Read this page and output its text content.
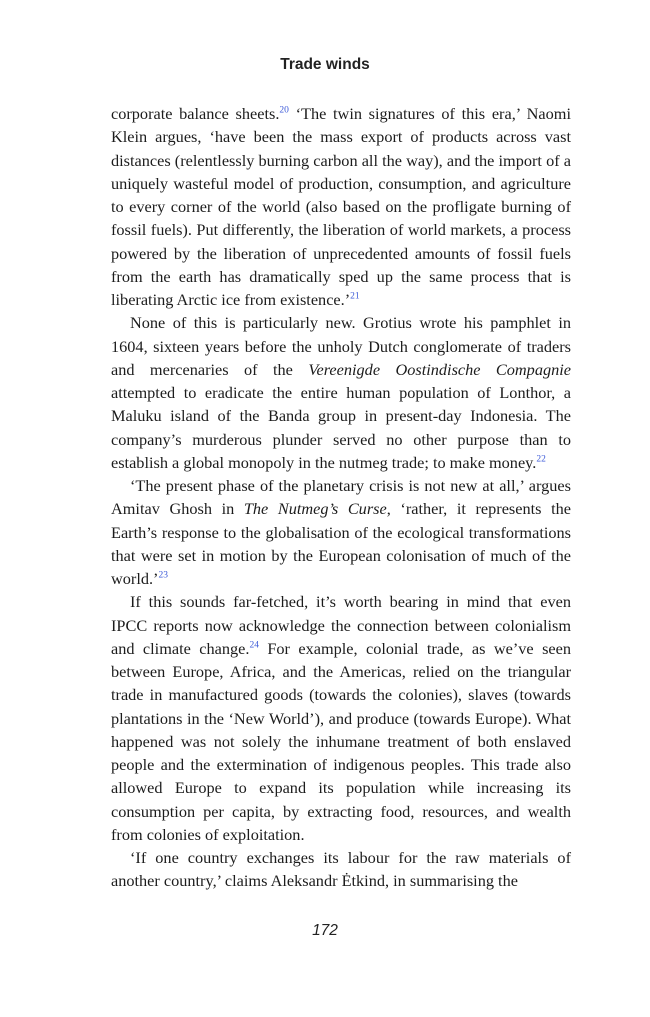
Trade winds

corporate balance sheets.$^{20}$ ‘The twin signatures of this era,’ Naomi Klein argues, ‘have been the mass export of products across vast distances (relentlessly burning carbon all the way), and the import of a uniquely wasteful model of production, consumption, and agriculture to every corner of the world (also based on the profligate burning of fossil fuels). Put differently, the liberation of world markets, a process powered by the liberation of unprecedented amounts of fossil fuels from the earth has dramatically sped up the same process that is liberating Arctic ice from existence.’$^{21}$

None of this is particularly new. Grotius wrote his pamphlet in 1604, sixteen years before the unholy Dutch conglomerate of traders and mercenaries of the Vereenigde Oostindische Compagnie attempted to eradicate the entire human population of Lonthor, a Maluku island of the Banda group in present-day Indonesia. The company’s murderous plunder served no other purpose than to establish a global monopoly in the nutmeg trade; to make money.$^{22}$

‘The present phase of the planetary crisis is not new at all,’ argues Amitav Ghosh in The Nutmeg’s Curse, ‘rather, it represents the Earth’s response to the globalisation of the ecological transformations that were set in motion by the European colonisation of much of the world.’$^{23}$

If this sounds far-fetched, it’s worth bearing in mind that even IPCC reports now acknowledge the connection between colonialism and climate change.$^{24}$ For example, colonial trade, as we’ve seen between Europe, Africa, and the Americas, relied on the triangular trade in manufactured goods (towards the colonies), slaves (towards plantations in the ‘New World’), and produce (towards Europe). What happened was not solely the inhumane treatment of both enslaved people and the extermination of indigenous peoples. This trade also allowed Europe to expand its population while increasing its consumption per capita, by extracting food, resources, and wealth from colonies of exploitation.

‘If one country exchanges its labour for the raw materials of another country,’ claims Aleksandr Ėtkind, in summarising the

172
